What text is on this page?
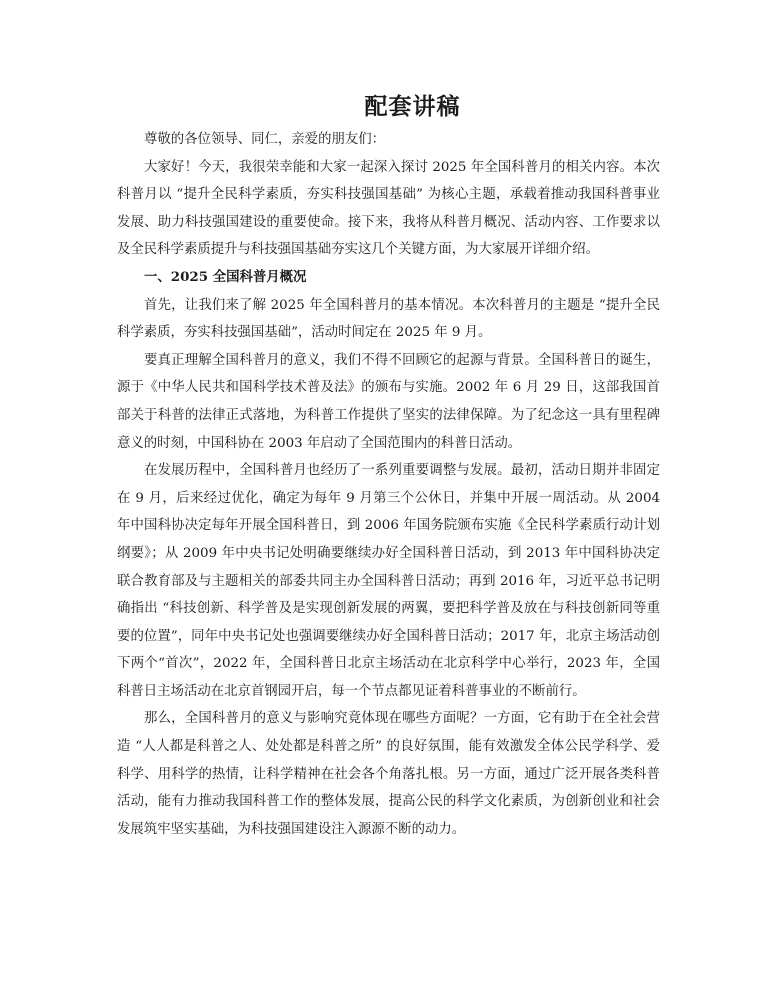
配套讲稿

尊敬的各位领导、同仁，亲爱的朋友们：

大家好！今天，我很荣幸能和大家一起深入探讨 2025 年全国科普月的相关内容。本次科普月以 “提升全民科学素质，夯实科技强国基础” 为核心主题，承载着推动我国科普事业发展、助力科技强国建设的重要使命。接下来，我将从科普月概况、活动内容、工作要求以及全民科学素质提升与科技强国基础夯实这几个关键方面，为大家展开详细介绍。

一、2025 全国科普月概况

首先，让我们来了解 2025 年全国科普月的基本情况。本次科普月的主题是 “提升全民科学素质，夯实科技强国基础”，活动时间定在 2025 年 9 月。

要真正理解全国科普月的意义，我们不得不回顾它的起源与背景。全国科普日的诞生，源于《中华人民共和国科学技术普及法》的颁布与实施。2002 年 6 月 29 日，这部我国首部关于科普的法律正式落地，为科普工作提供了坚实的法律保障。为了纪念这一具有里程碑意义的时刻，中国科协在 2003 年启动了全国范围内的科普日活动。

在发展历程中，全国科普月也经历了一系列重要调整与发展。最初，活动日期并非固定在 9 月，后来经过优化，确定为每年 9 月第三个公休日，并集中开展一周活动。从 2004 年中国科协决定每年开展全国科普日，到 2006 年国务院颁布实施《全民科学素质行动计划纲要》；从 2009 年中央书记处明确要继续办好全国科普日活动，到 2013 年中国科协决定联合教育部及与主题相关的部委共同主办全国科普日活动；再到 2016 年，习近平总书记明确指出 “科技创新、科学普及是实现创新发展的两翼，要把科学普及放在与科技创新同等重要的位置”，同年中央书记处也强调要继续办好全国科普日活动；2017 年，北京主场活动创下两个“首次”，2022 年，全国科普日北京主场活动在北京科学中心举行，2023 年，全国科普日主场活动在北京首钢园开启，每一个节点都见证着科普事业的不断前行。

那么，全国科普月的意义与影响究竟体现在哪些方面呢？一方面，它有助于在全社会营造 “人人都是科普之人、处处都是科普之所” 的良好氛围，能有效激发全体公民学科学、爱科学、用科学的热情，让科学精神在社会各个角落扎根。另一方面，通过广泛开展各类科普活动，能有力推动我国科普工作的整体发展，提高公民的科学文化素质，为创新创业和社会发展筑牢坚实基础，为科技强国建设注入源源不断的动力。
